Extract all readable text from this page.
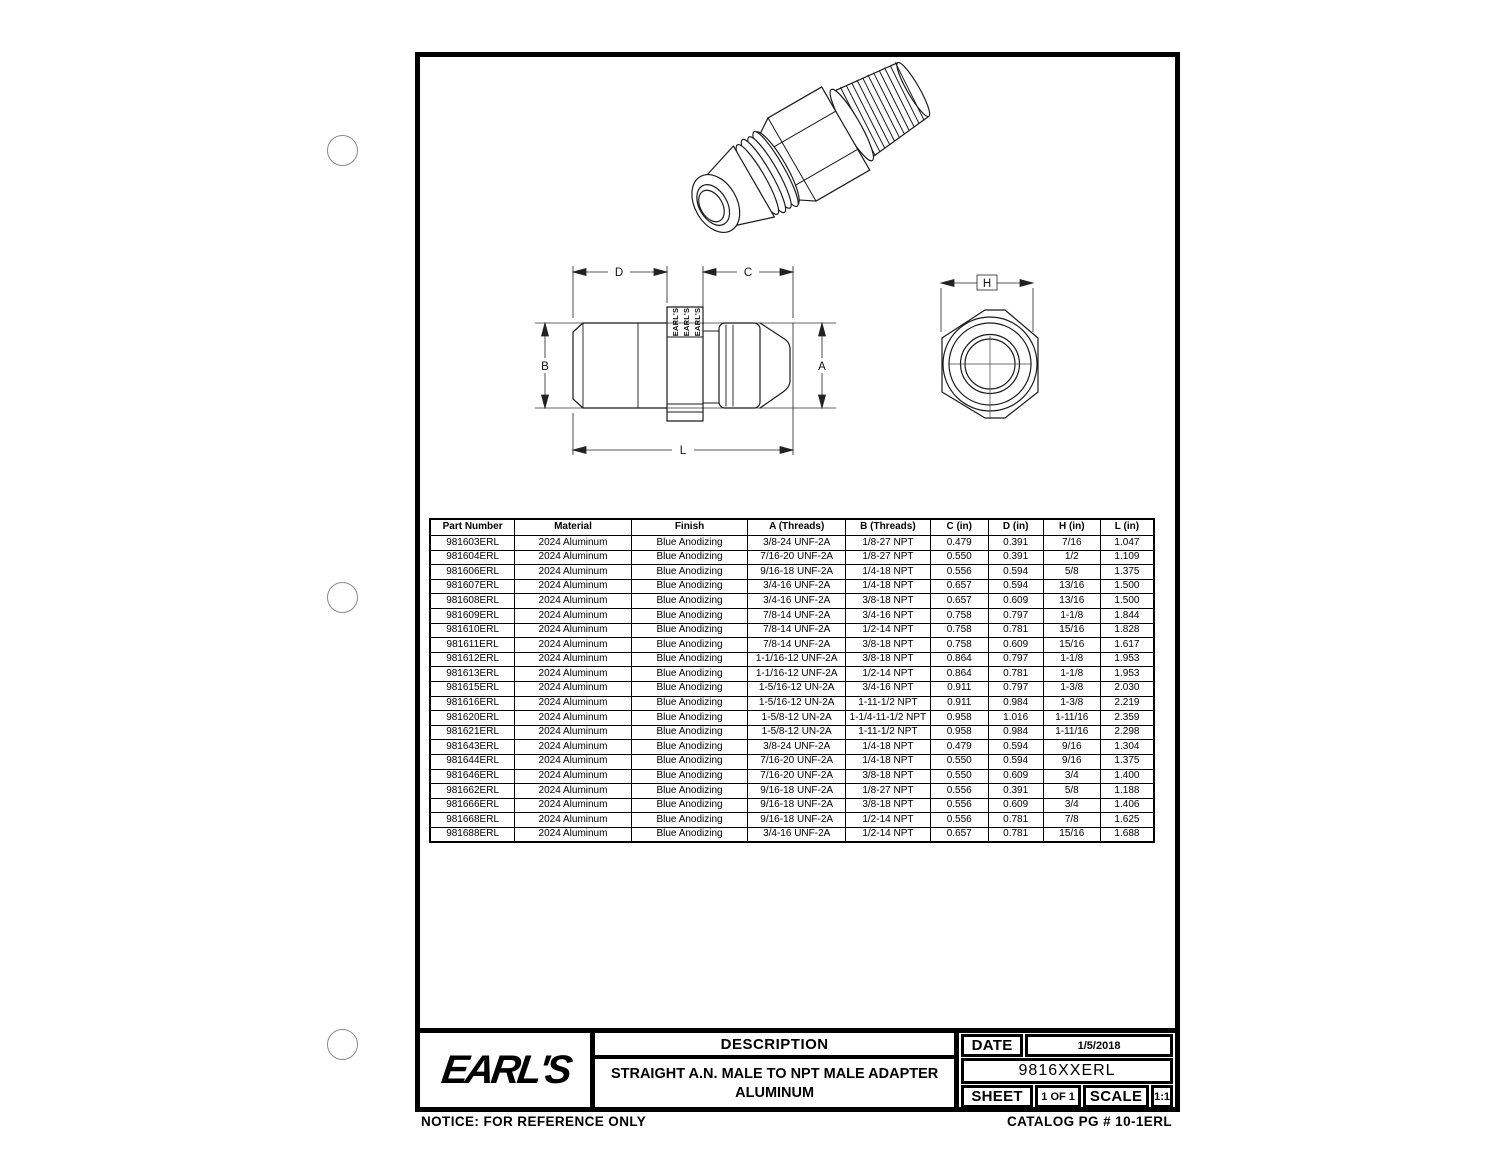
EARL'S EARL'S EARL'S
D	C
L
B	A
H
Part Number	Material	Finish	A (Threads)	B (Threads)	C (in)	D (in)	H (in)	L (in)
981603ERL	2024 Aluminum	Blue Anodizing	3/8-24 UNF-2A	1/8-27 NPT	0.479	0.391	7/16	1.047
981604ERL	2024 Aluminum	Blue Anodizing	7/16-20 UNF-2A	1/8-27 NPT	0.550	0.391	1/2	1.109
981606ERL	2024 Aluminum	Blue Anodizing	9/16-18 UNF-2A	1/4-18 NPT	0.556	0.594	5/8	1.375
981607ERL	2024 Aluminum	Blue Anodizing	3/4-16 UNF-2A	1/4-18 NPT	0.657	0.594	13/16	1.500
981608ERL	2024 Aluminum	Blue Anodizing	3/4-16 UNF-2A	3/8-18 NPT	0.657	0.609	13/16	1.500
981609ERL	2024 Aluminum	Blue Anodizing	7/8-14 UNF-2A	3/4-16 NPT	0.758	0.797	1-1/8	1.844
981610ERL	2024 Aluminum	Blue Anodizing	7/8-14 UNF-2A	1/2-14 NPT	0.758	0.781	15/16	1.828
981611ERL	2024 Aluminum	Blue Anodizing	7/8-14 UNF-2A	3/8-18 NPT	0.758	0.609	15/16	1.617
981612ERL	2024 Aluminum	Blue Anodizing	1-1/16-12 UNF-2A	3/8-18 NPT	0.864	0.797	1-1/8	1.953
981613ERL	2024 Aluminum	Blue Anodizing	1-1/16-12 UNF-2A	1/2-14 NPT	0.864	0.781	1-1/8	1.953
981615ERL	2024 Aluminum	Blue Anodizing	1-5/16-12 UN-2A	3/4-16 NPT	0.911	0.797	1-3/8	2.030
981616ERL	2024 Aluminum	Blue Anodizing	1-5/16-12 UN-2A	1-11-1/2 NPT	0.911	0.984	1-3/8	2.219
981620ERL	2024 Aluminum	Blue Anodizing	1-5/8-12 UN-2A	1-1/4-11-1/2 NPT	0.958	1.016	1-11/16	2.359
981621ERL	2024 Aluminum	Blue Anodizing	1-5/8-12 UN-2A	1-11-1/2 NPT	0.958	0.984	1-11/16	2.298
981643ERL	2024 Aluminum	Blue Anodizing	3/8-24 UNF-2A	1/4-18 NPT	0.479	0.594	9/16	1.304
981644ERL	2024 Aluminum	Blue Anodizing	7/16-20 UNF-2A	1/4-18 NPT	0.550	0.594	9/16	1.375
981646ERL	2024 Aluminum	Blue Anodizing	7/16-20 UNF-2A	3/8-18 NPT	0.550	0.609	3/4	1.400
981662ERL	2024 Aluminum	Blue Anodizing	9/16-18 UNF-2A	1/8-27 NPT	0.556	0.391	5/8	1.188
981666ERL	2024 Aluminum	Blue Anodizing	9/16-18 UNF-2A	3/8-18 NPT	0.556	0.609	3/4	1.406
981668ERL	2024 Aluminum	Blue Anodizing	9/16-18 UNF-2A	1/2-14 NPT	0.556	0.781	7/8	1.625
981688ERL	2024 Aluminum	Blue Anodizing	3/4-16 UNF-2A	1/2-14 NPT	0.657	0.781	15/16	1.688
EARL'S
DESCRIPTION
STRAIGHT A.N. MALE TO NPT MALE ADAPTER
ALUMINUM
DATE	1/5/2018
9816XXERL
SHEET	1 OF 1	SCALE	1:1
NOTICE: FOR REFERENCE ONLY	CATALOG PG # 10-1ERL
